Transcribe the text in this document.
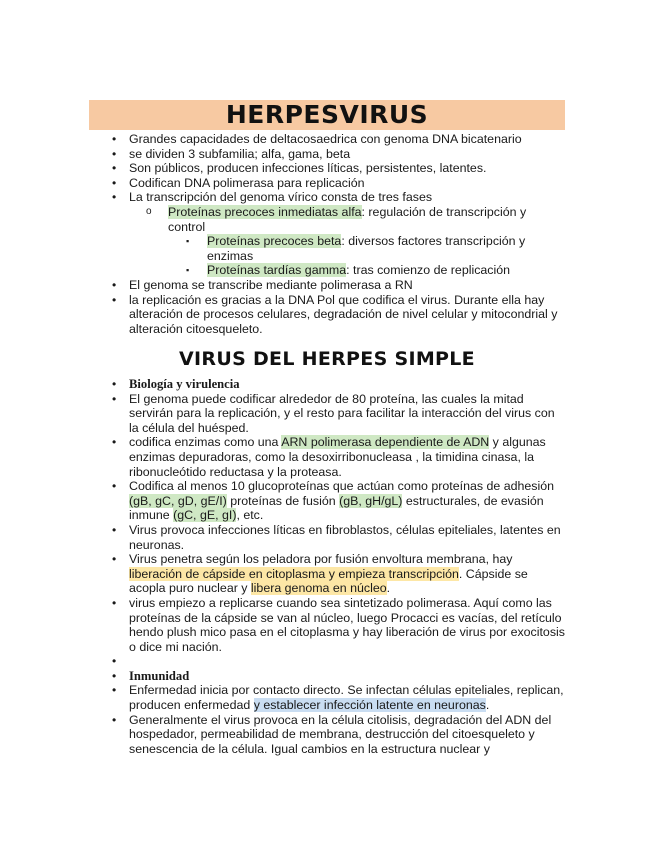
HERPESVIRUS
• Grandes capacidades de deltacosaedrica con genoma DNA bicatenario
• se dividen 3 subfamilia; alfa, gama, beta
• Son públicos, producen infecciones líticas, persistentes, latentes.
• Codifican DNA polimerasa para replicación
• La transcripción del genoma vírico consta de tres fases
o Proteínas precoces inmediatas alfa: regulación de transcripción y control
▪ Proteínas precoces beta: diversos factores transcripción y enzimas
▪ Proteínas tardías gamma: tras comienzo de replicación
• El genoma se transcribe mediante polimerasa a RN
• la replicación es gracias a la DNA Pol que codifica el virus. Durante ella hay alteración de procesos celulares, degradación de nivel celular y mitocondrial y alteración citoesqueleto.
VIRUS DEL HERPES SIMPLE
• Biología y virulencia
• El genoma puede codificar alrededor de 80 proteína, las cuales la mitad servirán para la replicación, y el resto para facilitar la interacción del virus con la célula del huésped.
• codifica enzimas como una ARN polimerasa dependiente de ADN y algunas enzimas depuradoras, como la desoxirribonucleasa , la timidina cinasa, la ribonucleótido reductasa y la proteasa.
• Codifica al menos 10 glucoproteínas que actúan como proteínas de adhesión (gB, gC, gD, gE/I) proteínas de fusión (gB, gH/gL) estructurales, de evasión inmune (gC, gE, gI), etc.
• Virus provoca infecciones líticas en fibroblastos, células epiteliales, latentes en neuronas.
• Virus penetra según los peladora por fusión envoltura membrana, hay liberación de cápside en citoplasma y empieza transcripción. Cápside se acopla puro nuclear y libera genoma en núcleo.
• virus empiezo a replicarse cuando sea sintetizado polimerasa. Aquí como las proteínas de la cápside se van al núcleo, luego Procacci es vacías, del retículo hendo plush mico pasa en el citoplasma y hay liberación de virus por exocitosis o dice mi nación.
•
• Inmunidad
• Enfermedad inicia por contacto directo. Se infectan células epiteliales, replican, producen enfermedad y establecer infección latente en neuronas.
• Generalmente el virus provoca en la célula citolisis, degradación del ADN del hospedador, permeabilidad de membrana, destrucción del citoesqueleto y senescencia de la célula. Igual cambios en la estructura nuclear y
